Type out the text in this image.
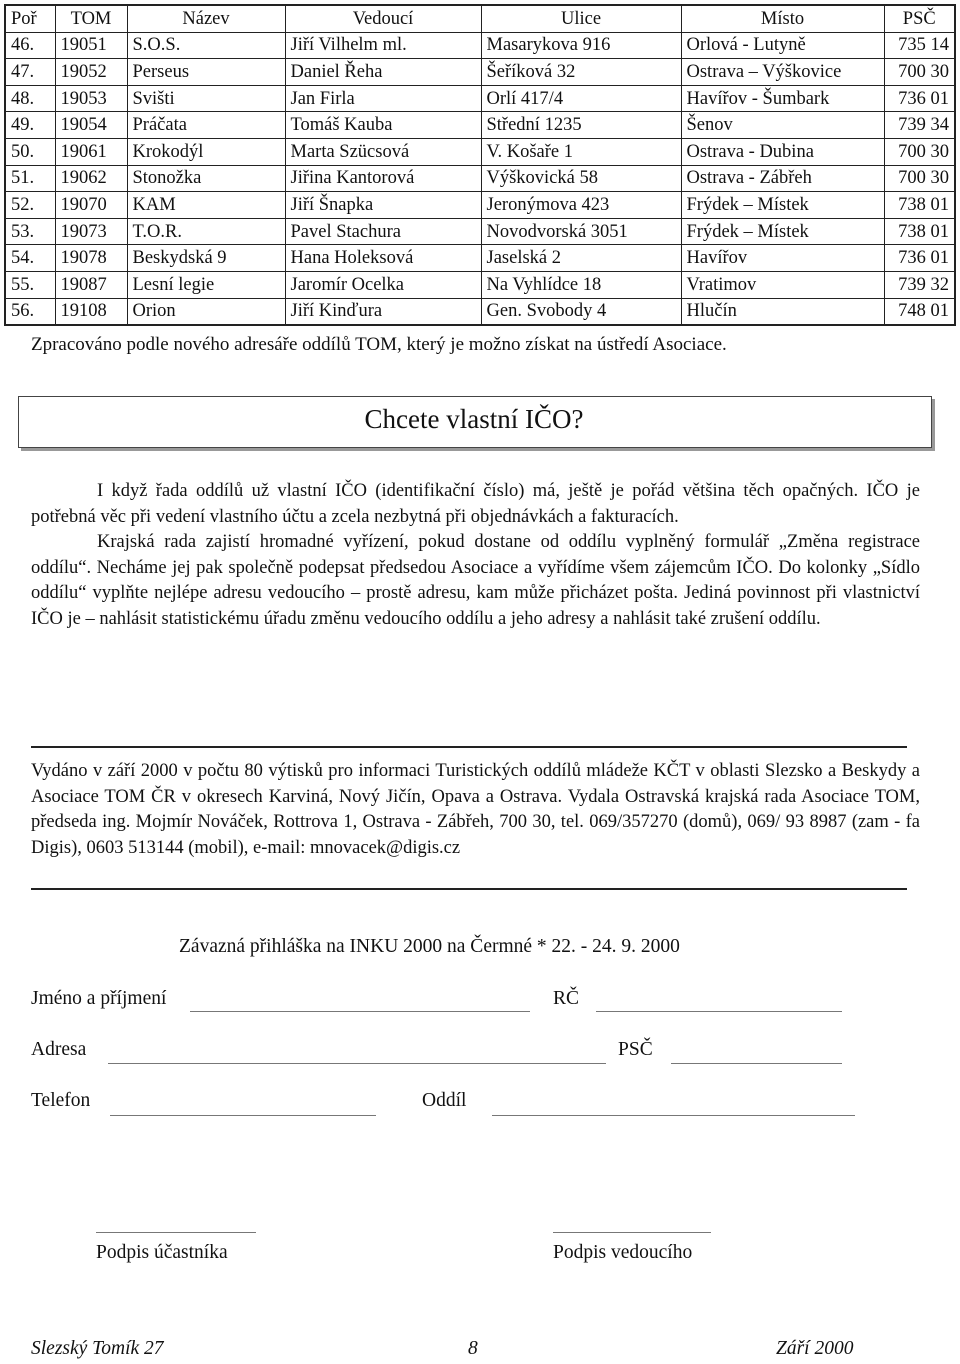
Poř	TOM	Název	Vedoucí	Ulice	Místo	PSČ
46.	19051	S.O.S.	Jiří Vilhelm ml.	Masarykova 916	Orlová - Lutyně	735 14
47.	19052	Perseus	Daniel Řeha	Šeříková 32	Ostrava – Výškovice	700 30
48.	19053	Svišti	Jan Firla	Orlí 417/4	Havířov - Šumbark	736 01
49.	19054	Práčata	Tomáš Kauba	Střední 1235	Šenov	739 34
50.	19061	Krokodýl	Marta Szücsová	V. Košaře 1	Ostrava - Dubina	700 30
51.	19062	Stonožka	Jiřina Kantorová	Výškovická 58	Ostrava - Zábřeh	700 30
52.	19070	KAM	Jiří Šnapka	Jeronýmova 423	Frýdek – Místek	738 01
53.	19073	T.O.R.	Pavel Stachura	Novodvorská 3051	Frýdek – Místek	738 01
54.	19078	Beskydská 9	Hana Holeksová	Jaselská 2	Havířov	736 01
55.	19087	Lesní legie	Jaromír Ocelka	Na Vyhlídce 18	Vratimov	739 32
56.	19108	Orion	Jiří Kinďura	Gen. Svobody 4	Hlučín	748 01
Zpracováno podle nového adresáře oddílů TOM, který je možno získat na ústředí Asociace.
Chcete vlastní IČO?

I když řada oddílů už vlastní IČO (identifikační číslo) má, ještě je pořád většina těch opačných. IČO je potřebná věc při vedení vlastního účtu a zcela nezbytná při objednávkách a fakturacích.

Krajská rada zajistí hromadné vyřízení, pokud dostane od oddílu vyplněný formulář „Změna registrace oddílu“. Necháme jej pak společně podepsat předsedou Asociace a vyřídíme všem zájemcům IČO. Do kolonky „Sídlo oddílu“ vyplňte nejlépe adresu vedoucího – prostě adresu, kam může přicházet pošta. Jediná povinnost při vlastnictví IČO je – nahlásit statistickému úřadu změnu vedoucího oddílu a jeho adresy a nahlásit také zrušení oddílu.

Vydáno v září 2000 v počtu 80 výtisků pro informaci Turistických oddílů mládeže KČT v oblasti Slezsko a Beskydy a Asociace TOM ČR v okresech Karviná, Nový Jičín, Opava a Ostrava. Vydala Ostravská krajská rada Asociace TOM, předseda ing. Mojmír Nováček, Rottrova 1, Ostrava - Zábřeh, 700 30, tel. 069/357270 (domů), 069/ 93 8987 (zam - fa Digis), 0603 513144 (mobil), e-mail: mnovacek@digis.cz

Závazná přihláška na INKU 2000 na Čermné * 22. - 24. 9. 2000
Jméno a příjmení	RČ
Adresa	PSČ
Telefon	Oddíl
Podpis účastníka	Podpis vedoucího
Slezský Tomík 27	8	Září 2000
